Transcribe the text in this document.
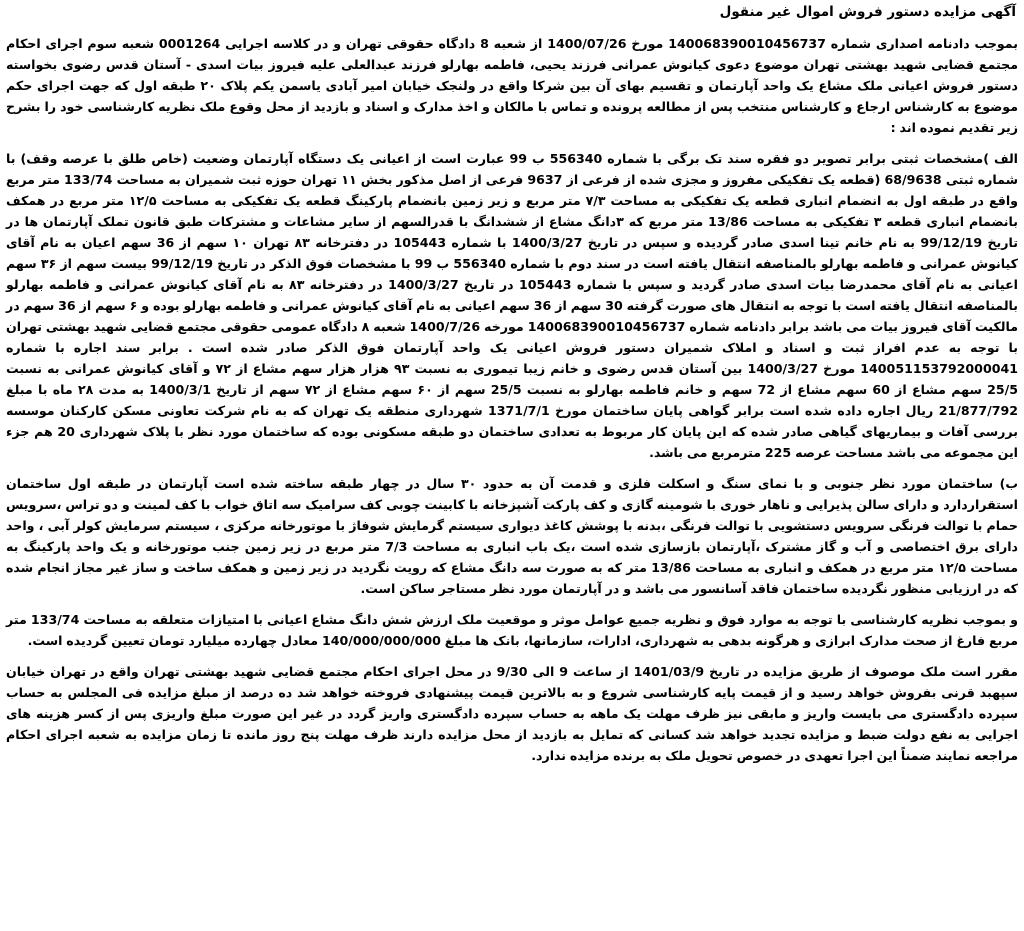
آگهی مزایده دستور فروش اموال غیر منقول

بموجب دادنامه اصداری شماره 140068390010456737 مورخ 1400/07/26 از شعبه 8 دادگاه حقوقی تهران و در کلاسه اجرایی 0001264 شعبه سوم اجرای احکام مجتمع قضایی شهید بهشتی تهران موضوع دعوی کیانوش عمرانی فرزند یحیی، فاطمه بهارلو فرزند عبدالعلی علیه فیروز بیات اسدی - آستان قدس رضوی بخواسته دستور فروش اعیانی ملک مشاع یک واحد آپارتمان و تقسیم بهای آن بین شرکا واقع در ولنجک خیابان امیر آبادی یاسمن یکم پلاک ۲۰ طبقه اول که جهت اجرای حکم موضوع به کارشناس ارجاع و کارشناس منتخب پس از مطالعه پرونده و تماس با مالکان و اخذ مدارک و اسناد و بازدید از محل وقوع ملک نظریه کارشناسی خود را بشرح زیر تقدیم نموده اند :

الف )مشخصات ثبتی برابر تصویر دو فقره سند تک برگی با شماره 556340 ب 99 عبارت است از اعیانی یک دستگاه آپارتمان وضعیت (خاص طلق با عرصه وقف) با شماره ثبتی 68/9638 (قطعه یک تفکیکی مفروز و مجزی شده از فرعی از 9637 فرعی از اصل مذکور بخش ۱۱ تهران حوزه ثبت شمیران به مساحت 133/74 متر مربع واقع در طبقه اول به انضمام انباری قطعه یک تفکیکی به مساحت ۷/۳ متر مربع و زیر زمین بانضمام پارکینگ قطعه یک تفکیکی به مساحت ۱۲/۵ متر مربع در همکف بانضمام انباری قطعه ۳ تفکیکی به مساحت 13/86 متر مربع که ۳دانگ مشاع از ششدانگ با قدرالسهم از سایر مشاعات و مشترکات طبق قانون تملک آپارتمان ها در تاریخ 99/12/19 به نام خانم تینا اسدی صادر گردیده و سپس در تاریخ 1400/3/27 با شماره 105443 در دفترخانه ۸۳ تهران ۱۰ سهم از 36 سهم اعیان به نام آقای کیانوش عمرانی و فاطمه بهارلو بالمناصفه انتقال یافته است در سند دوم با شماره 556340 ب 99 با مشخصات فوق الذکر در تاریخ 99/12/19 بیست سهم از ۳۶ سهم اعیانی به نام آقای محمدرضا بیات اسدی صادر گردید و سپس با شماره 105443 در تاریخ 1400/3/27 در دفترخانه ۸۳ به نام آقای کیانوش عمرانی و فاطمه بهارلو بالمناصفه انتقال یافته است با توجه به انتقال های صورت گرفته 30 سهم از 36 سهم اعیانی به نام آقای کیانوش عمرانی و فاطمه بهارلو بوده و ۶ سهم از 36 سهم در مالکیت آقای فیروز بیات می باشد برابر دادنامه شماره 140068390010456737 مورخه 1400/7/26 شعبه ۸ دادگاه عمومی حقوقی مجتمع قضایی شهید بهشتی تهران با توجه به عدم افراز ثبت و اسناد و املاک شمیران دستور فروش اعیانی یک واحد آپارتمان فوق الذکر صادر شده است . برابر سند اجاره با شماره 140051153792000041 مورخ 1400/3/27 بین آستان قدس رضوی و خانم زیبا تیموری به نسبت ۹۳ هزار هزار سهم مشاع از ۷۲ و آقای کیانوش عمرانی به نسبت 25/5 سهم مشاع از 60 سهم مشاع از 72 سهم و خانم فاطمه بهارلو به نسبت 25/5 سهم از ۶۰ سهم مشاع از ۷۲ سهم از تاریخ 1400/3/1 به مدت ۲۸ ماه با مبلغ 21/877/792 ریال اجاره داده شده است برابر گواهی پایان ساختمان مورخ 1371/7/1 شهرداری منطقه یک تهران که به نام شرکت تعاونی مسکن کارکنان موسسه بررسی آفات و بیماریهای گیاهی صادر شده که این پایان کار مربوط به تعدادی ساختمان دو طبقه مسکونی بوده که ساختمان مورد نظر با پلاک شهرداری 20 هم جزء این مجموعه می باشد مساحت عرصه 225 مترمربع می باشد.

ب) ساختمان مورد نظر جنوبی و با نمای سنگ و اسکلت فلزی و قدمت آن به حدود ۳۰ سال در چهار طبقه ساخته شده است آپارتمان در طبقه اول ساختمان استقراردارد و دارای سالن پذیرایی و ناهار خوری با شومینه گازی و کف پارکت آشپزخانه با کابینت چوبی کف سرامیک سه اتاق خواب با کف لمینت و دو تراس ،سرویس حمام با توالت فرنگی سرویس دستشویی با توالت فرنگی ،بدنه با پوشش کاغذ دیواری سیستم گرمایش شوفاژ با موتورخانه مرکزی ، سیستم سرمایش کولر آبی ، واحد دارای برق اختصاصی و آب و گاز مشترک ،آپارتمان بازسازی شده است ،یک باب انباری به مساحت 7/3 متر مربع در زیر زمین جنب موتورخانه و یک واحد پارکینگ به مساحت ۱۲/۵ متر مربع در همکف و انباری به مساحت 13/86 متر که به صورت سه دانگ مشاع که رویت نگردید در زیر زمین و همکف ساخت و ساز غیر مجاز انجام شده که در ارزیابی منظور نگردیده ساختمان فاقد آسانسور می باشد و در آپارتمان مورد نظر مستاجر ساکن است.

و بموجب نظریه کارشناسی با توجه به موارد فوق و نظریه جمیع عوامل موثر و موقعیت ملک ارزش شش دانگ مشاع اعیانی با امتیازات متعلقه به مساحت 133/74 متر مربع فارغ از صحت مدارک ابرازی و هرگونه بدهی به شهرداری، ادارات، سازمانها، بانک ها مبلغ 140/000/000/000 معادل چهارده میلیارد تومان تعیین گردیده است.

مقرر است ملک موصوف از طریق مزایده در تاریخ 1401/03/9 از ساعت 9 الی 9/30 در محل اجرای احکام مجتمع قضایی شهید بهشتی تهران واقع در تهران خیابان سپهبد قرنی بفروش خواهد رسید و از قیمت پایه کارشناسی شروع و به بالاترین قیمت پیشنهادی فروخته خواهد شد ده درصد از مبلغ مزایده فی المجلس به حساب سپرده دادگستری می بایست واریز و مابقی نیز ظرف مهلت یک ماهه به حساب سپرده دادگستری واریز گردد در غیر این صورت مبلغ واریزی پس از کسر هزینه های اجرایی به نفع دولت ضبط و مزایده تجدید خواهد شد کسانی که تمایل به بازدید از محل مزایده دارند ظرف مهلت پنج روز مانده تا زمان مزایده به شعبه اجرای احکام مراجعه نمایند ضمناً این اجرا تعهدی در خصوص تحویل ملک به برنده مزایده ندارد.
